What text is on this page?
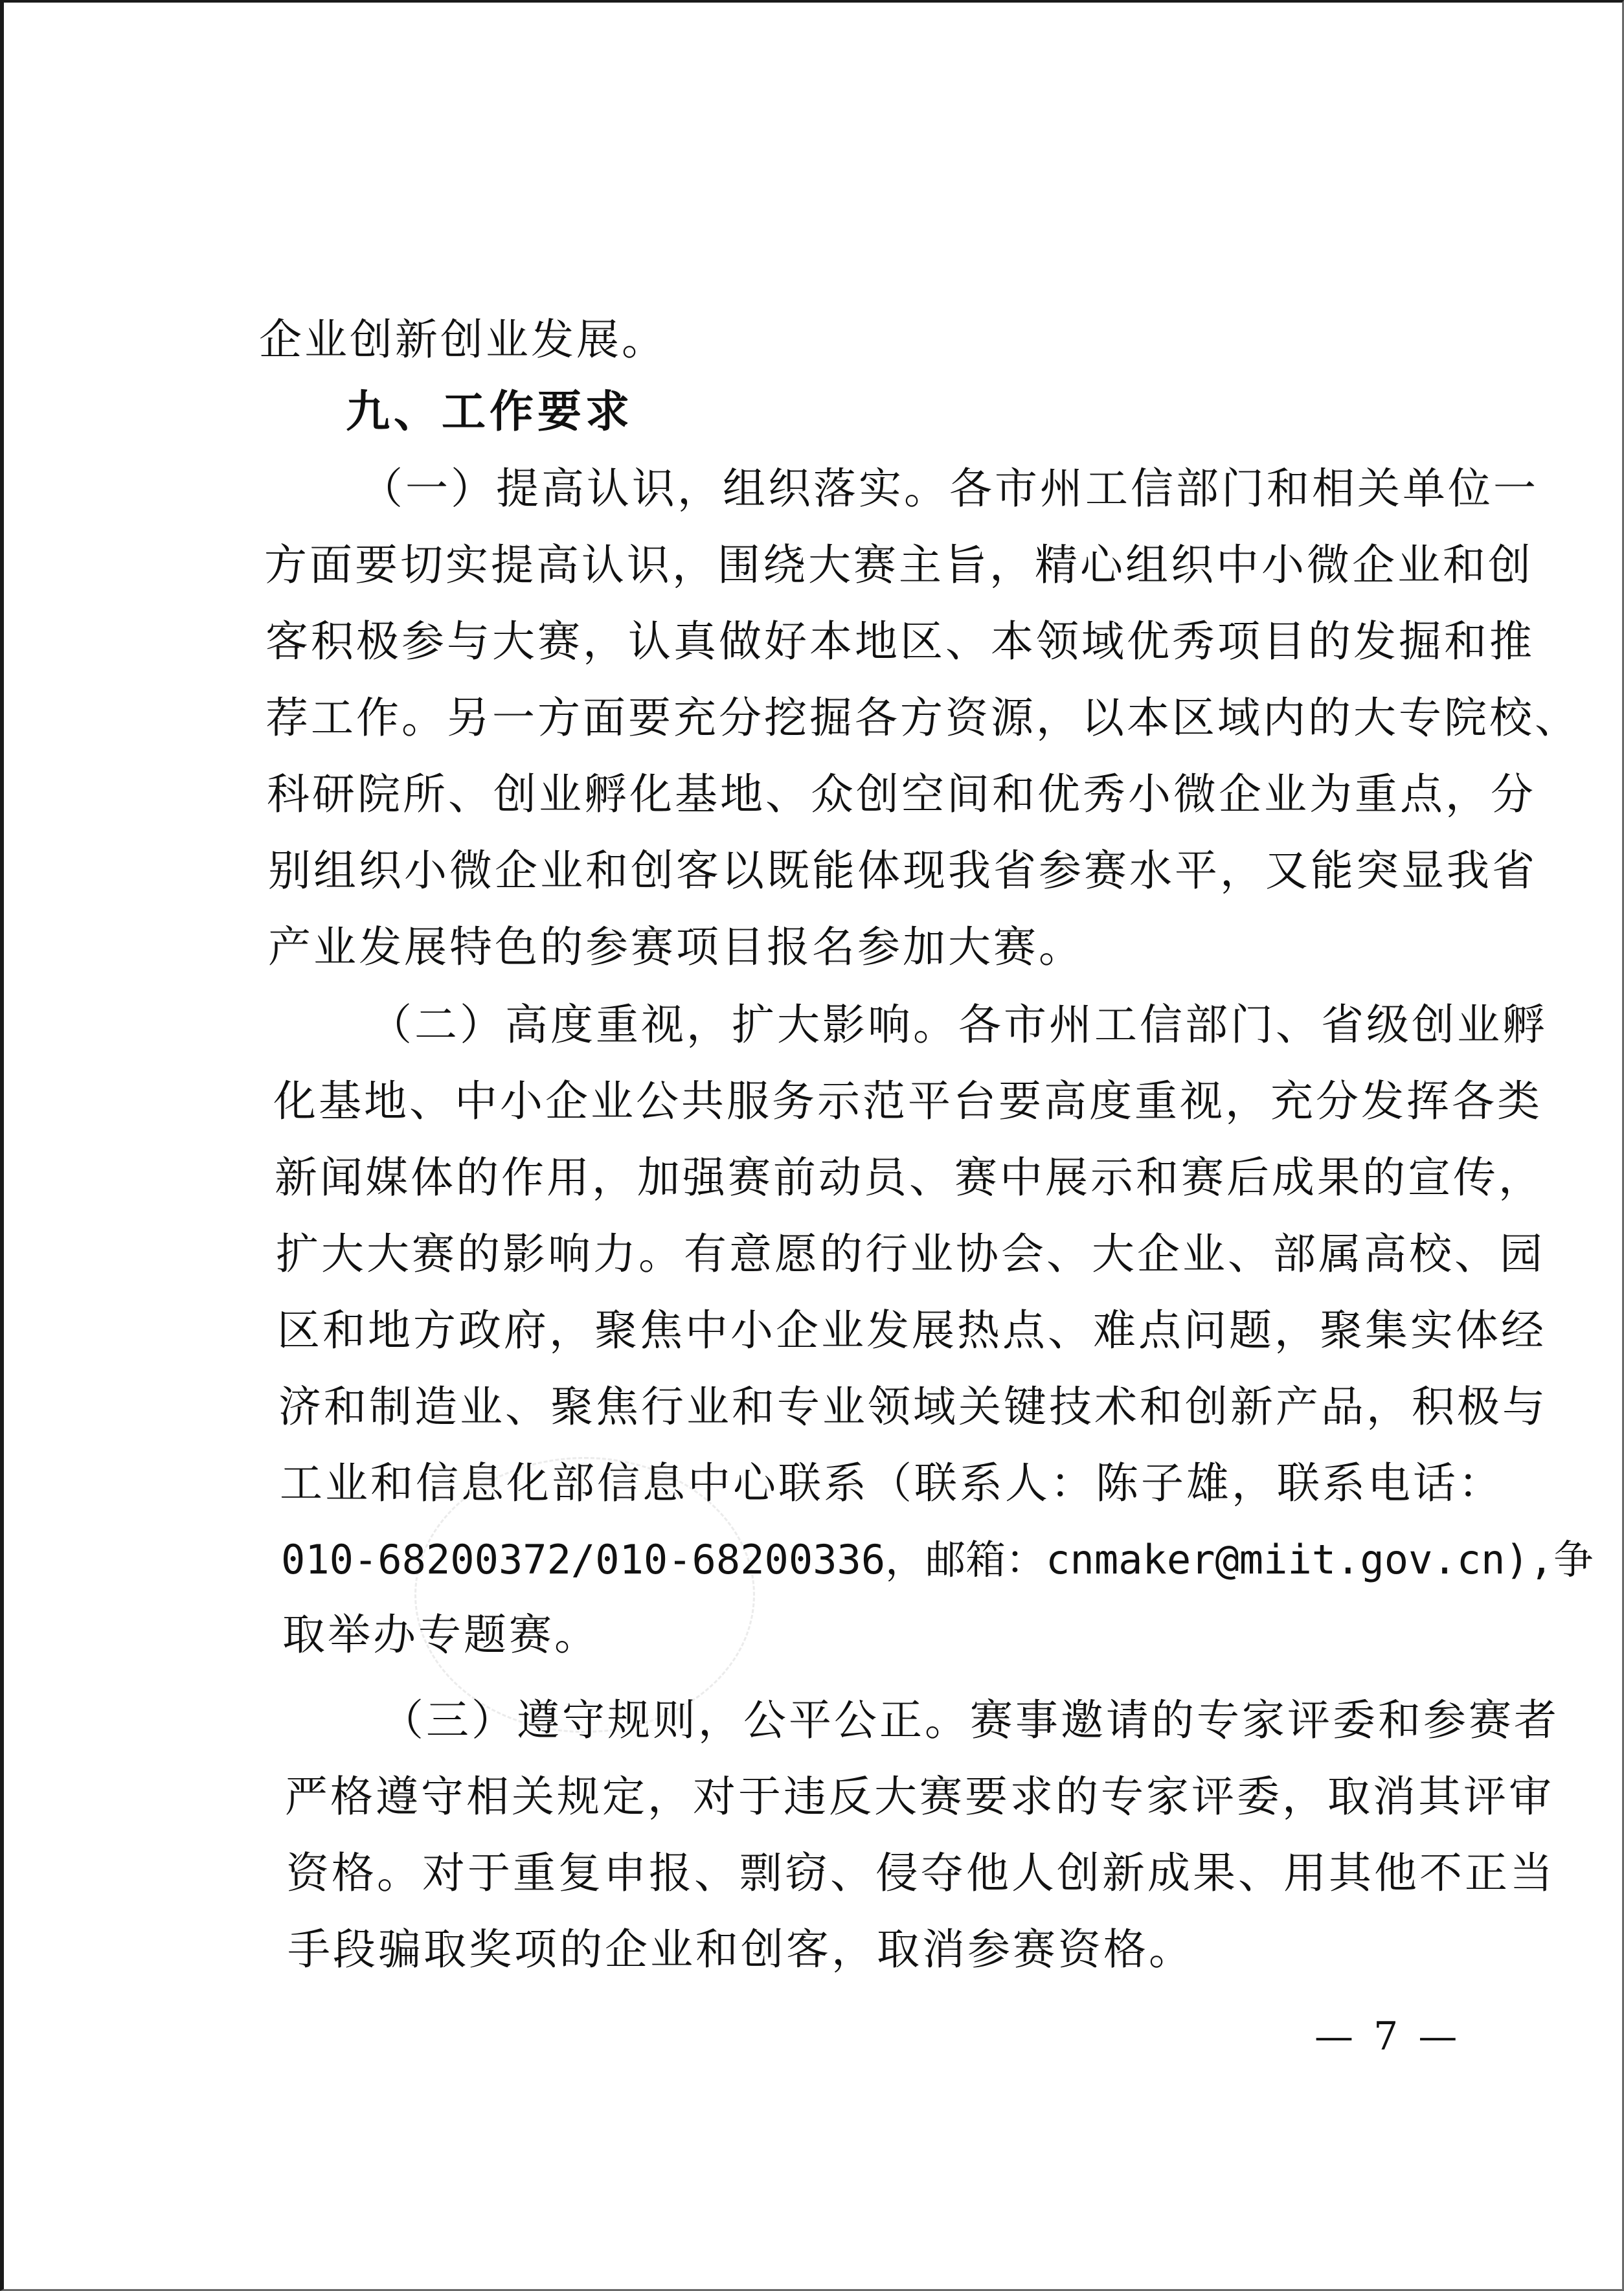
企业创新创业发展。
九、工作要求
（一）提高认识，组织落实。各市州工信部门和相关单位一
方面要切实提高认识，围绕大赛主旨，精心组织中小微企业和创
客积极参与大赛，认真做好本地区、本领域优秀项目的发掘和推
荐工作。另一方面要充分挖掘各方资源，以本区域内的大专院校、
科研院所、创业孵化基地、众创空间和优秀小微企业为重点，分
别组织小微企业和创客以既能体现我省参赛水平，又能突显我省
产业发展特色的参赛项目报名参加大赛。
（二）高度重视，扩大影响。各市州工信部门、省级创业孵
化基地、中小企业公共服务示范平台要高度重视，充分发挥各类
新闻媒体的作用，加强赛前动员、赛中展示和赛后成果的宣传，
扩大大赛的影响力。有意愿的行业协会、大企业、部属高校、园
区和地方政府，聚焦中小企业发展热点、难点问题，聚集实体经
济和制造业、聚焦行业和专业领域关键技术和创新产品，积极与
工业和信息化部信息中心联系（联系人：陈子雄，联系电话：
010-68200372/010-68200336，邮箱：cnmaker@miit.gov.cn),争
取举办专题赛。
（三）遵守规则，公平公正。赛事邀请的专家评委和参赛者
严格遵守相关规定，对于违反大赛要求的专家评委，取消其评审
资格。对于重复申报、剽窃、侵夺他人创新成果、用其他不正当
手段骗取奖项的企业和创客，取消参赛资格。
— 7 —
